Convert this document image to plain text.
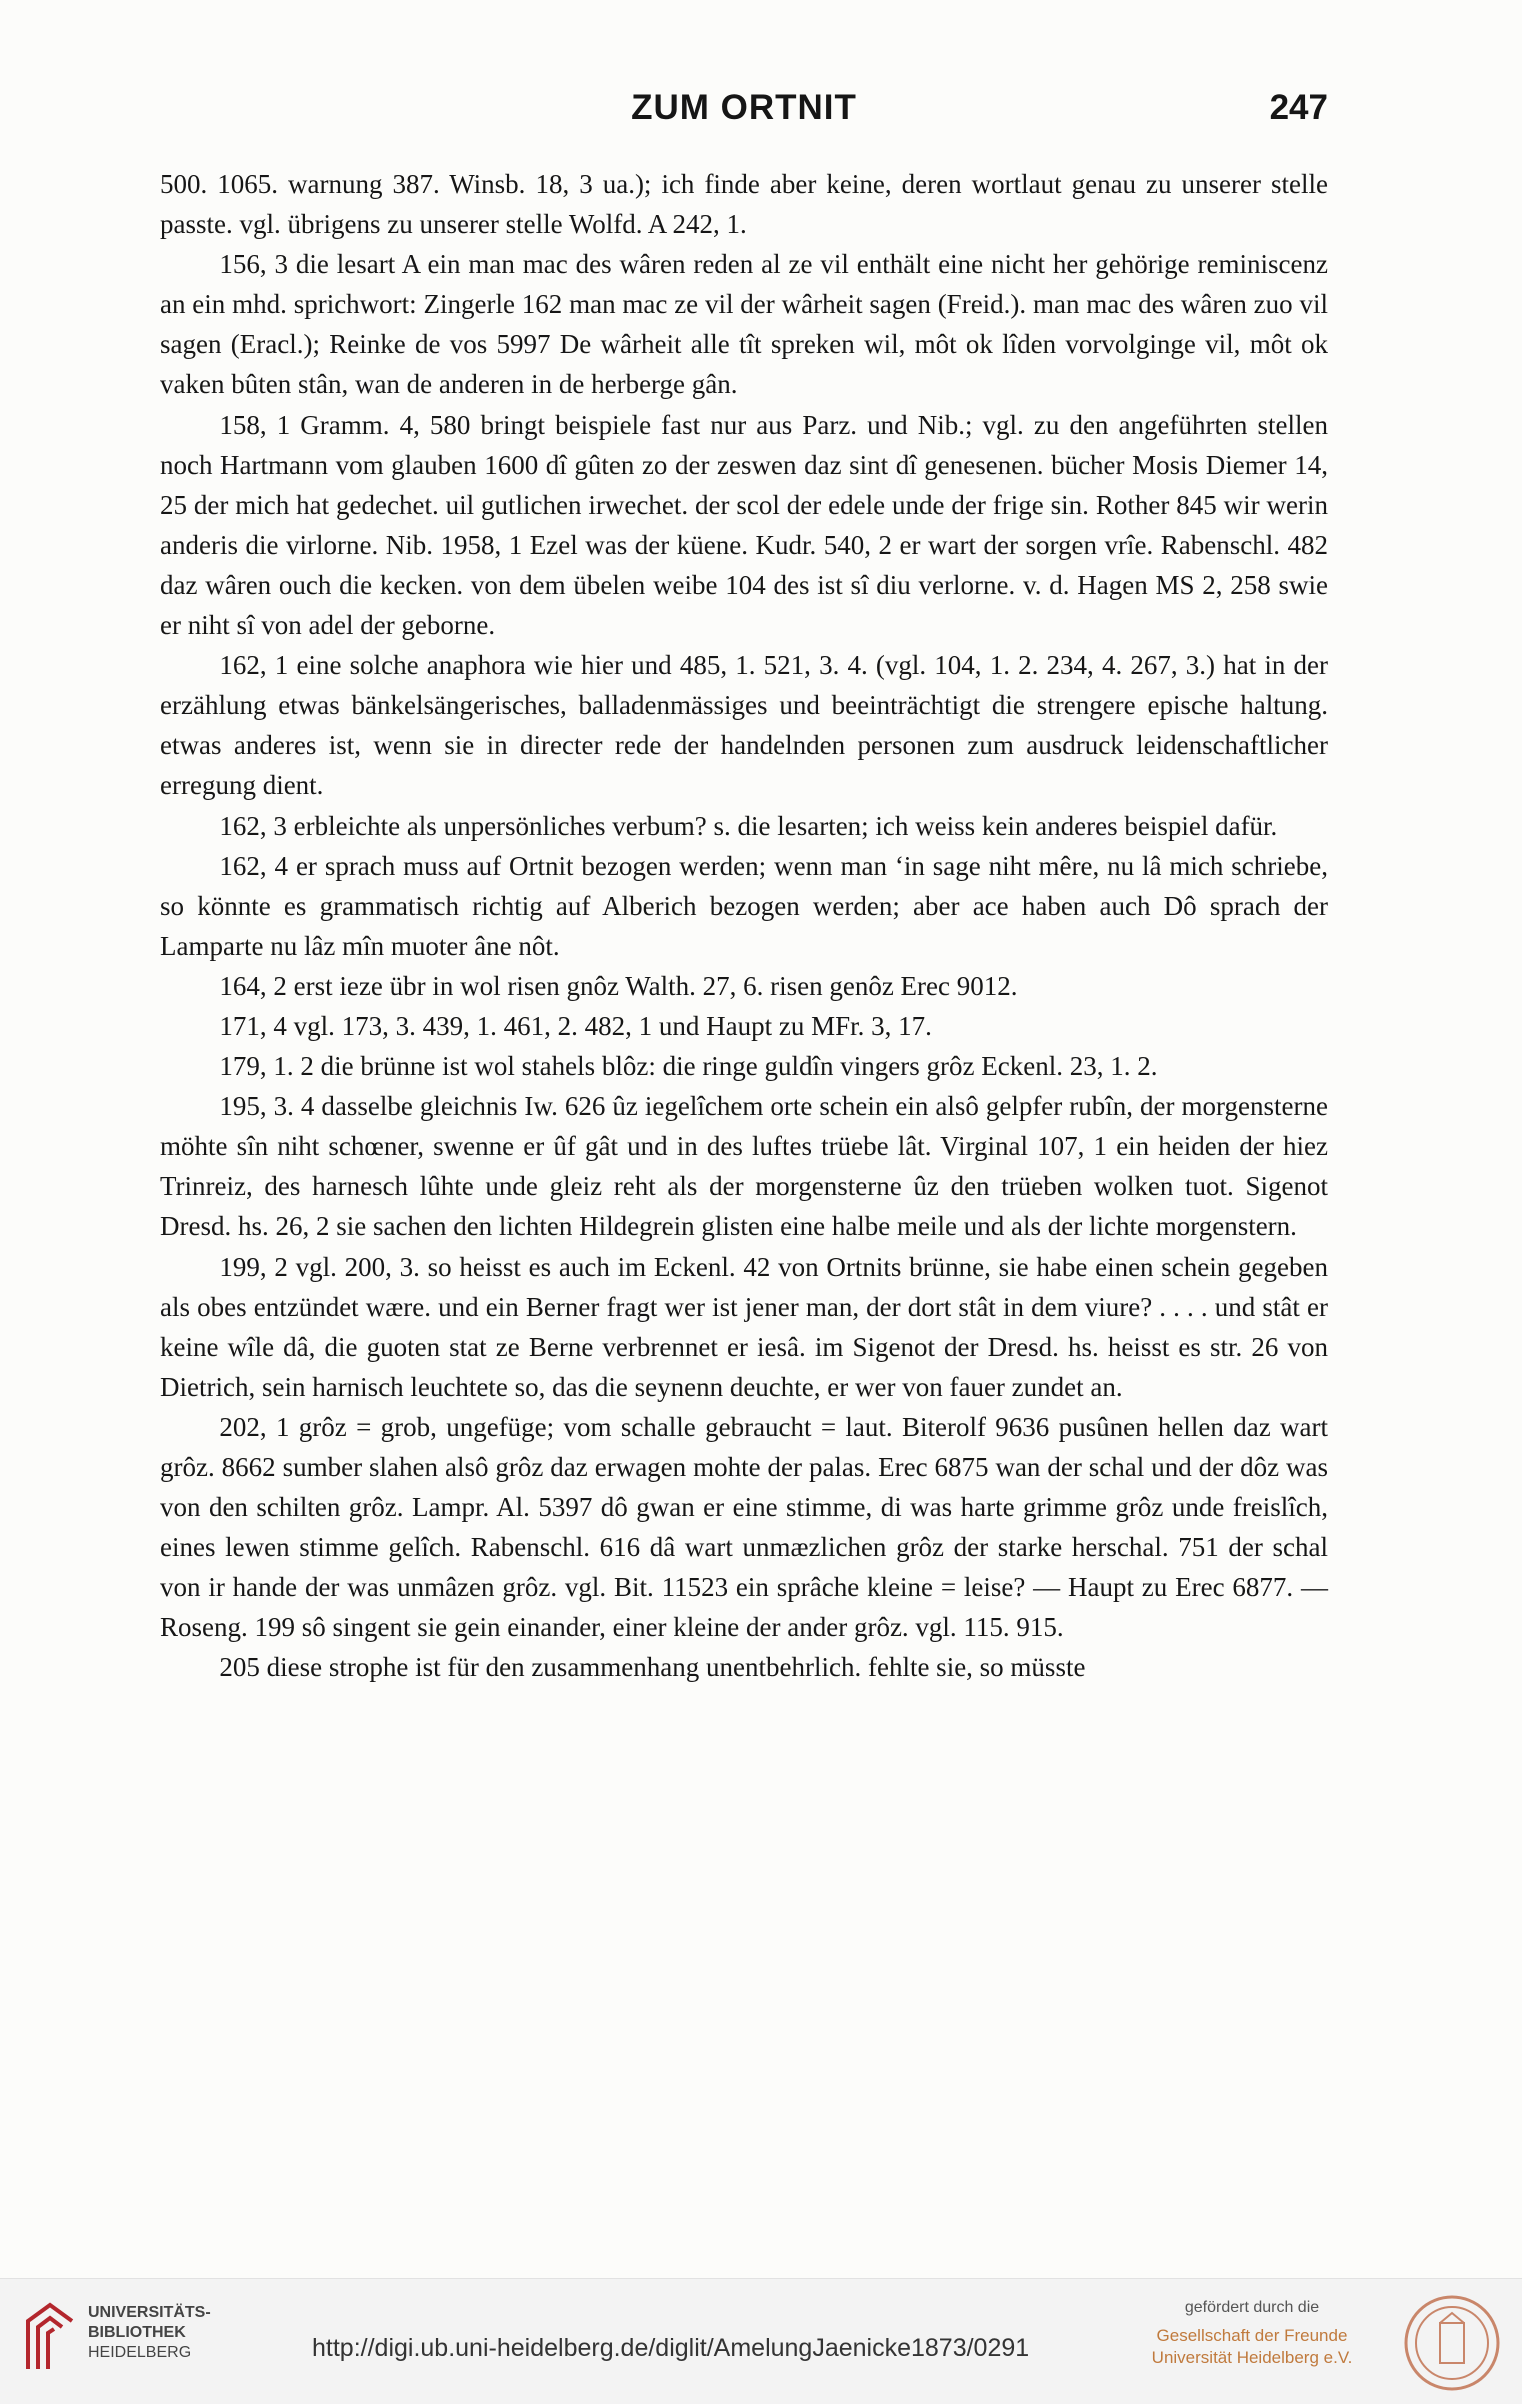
ZUM ORTNIT	247

500. 1065. warnung 387. Winsb. 18, 3 ua.); ich finde aber keine, deren wortlaut genau zu unserer stelle passte. vgl. übrigens zu unserer stelle Wolfd. A 242, 1.

156, 3 die lesart A ein man mac des wâren reden al ze vil enthält eine nicht her gehörige reminiscenz an ein mhd. sprichwort: Zingerle 162 man mac ze vil der wârheit sagen (Freid.). man mac des wâren zuo vil sagen (Eracl.); Reinke de vos 5997 De wârheit alle tît spreken wil, môt ok lîden vorvolginge vil, môt ok vaken bûten stân, wan de anderen in de herberge gân.

158, 1 Gramm. 4, 580 bringt beispiele fast nur aus Parz. und Nib.; vgl. zu den angeführten stellen noch Hartmann vom glauben 1600 dî gûten zo der zeswen daz sint dî genesenen. bücher Mosis Diemer 14, 25 der mich hat gedechet. uil gutlichen irwechet. der scol der edele unde der frige sin. Rother 845 wir werin anderis die virlorne. Nib. 1958, 1 Ezel was der küene. Kudr. 540, 2 er wart der sorgen vrîe. Rabenschl. 482 daz wâren ouch die kecken. von dem übelen weibe 104 des ist sî diu verlorne. v. d. Hagen MS 2, 258 swie er niht sî von adel der geborne.

162, 1 eine solche anaphora wie hier und 485, 1. 521, 3. 4. (vgl. 104, 1. 2. 234, 4. 267, 3.) hat in der erzählung etwas bänkelsängerisches, balladenmässiges und beeinträchtigt die strengere epische haltung. etwas anderes ist, wenn sie in directer rede der handelnden personen zum ausdruck leidenschaftlicher erregung dient.

162, 3 erbleichte als unpersönliches verbum? s. die lesarten; ich weiss kein anderes beispiel dafür.

162, 4 er sprach muss auf Ortnit bezogen werden; wenn man ‘in sage niht mêre, nu lâ mich schriebe, so könnte es grammatisch richtig auf Alberich bezogen werden; aber ace haben auch Dô sprach der Lamparte nu lâz mîn muoter âne nôt.

164, 2 erst ieze übr in wol risen gnôz Walth. 27, 6. risen genôz Erec 9012.

171, 4 vgl. 173, 3. 439, 1. 461, 2. 482, 1 und Haupt zu MFr. 3, 17.

179, 1. 2 die brünne ist wol stahels blôz: die ringe guldîn vingers grôz Eckenl. 23, 1. 2.

195, 3. 4 dasselbe gleichnis Iw. 626 ûz iegelîchem orte schein ein alsô gelpfer rubîn, der morgensterne möhte sîn niht schœner, swenne er ûf gât und in des luftes trüebe lât. Virginal 107, 1 ein heiden der hiez Trinreiz, des harnesch lûhte unde gleiz reht als der morgensterne ûz den trüeben wolken tuot. Sigenot Dresd. hs. 26, 2 sie sachen den lichten Hildegrein glisten eine halbe meile und als der lichte morgenstern.

199, 2 vgl. 200, 3. so heisst es auch im Eckenl. 42 von Ortnits brünne, sie habe einen schein gegeben als obes entzündet wære. und ein Berner fragt wer ist jener man, der dort stât in dem viure? . . . . und stât er keine wîle dâ, die guoten stat ze Berne verbrennet er iesâ. im Sigenot der Dresd. hs. heisst es str. 26 von Dietrich, sein harnisch leuchtete so, das die seynenn deuchte, er wer von fauer zundet an.

202, 1 grôz = grob, ungefüge; vom schalle gebraucht = laut. Biterolf 9636 pusûnen hellen daz wart grôz. 8662 sumber slahen alsô grôz daz erwagen mohte der palas. Erec 6875 wan der schal und der dôz was von den schilten grôz. Lampr. Al. 5397 dô gwan er eine stimme, di was harte grimme grôz unde freislîch, eines lewen stimme gelîch. Rabenschl. 616 dâ wart unmæzlichen grôz der starke herschal. 751 der schal von ir hande der was unmâzen grôz. vgl. Bit. 11523 ein sprâche kleine = leise? — Haupt zu Erec 6877. — Roseng. 199 sô singent sie gein einander, einer kleine der ander grôz. vgl. 115. 915.

205 diese strophe ist für den zusammenhang unentbehrlich. fehlte sie, so müsste

UNIVERSITÄTS-
BIBLIOTHEK
HEIDELBERG	http://digi.ub.uni-heidelberg.de/diglit/AmelungJaenicke1873/0291
gefördert durch die
Gesellschaft der Freunde
Universität Heidelberg e.V.
